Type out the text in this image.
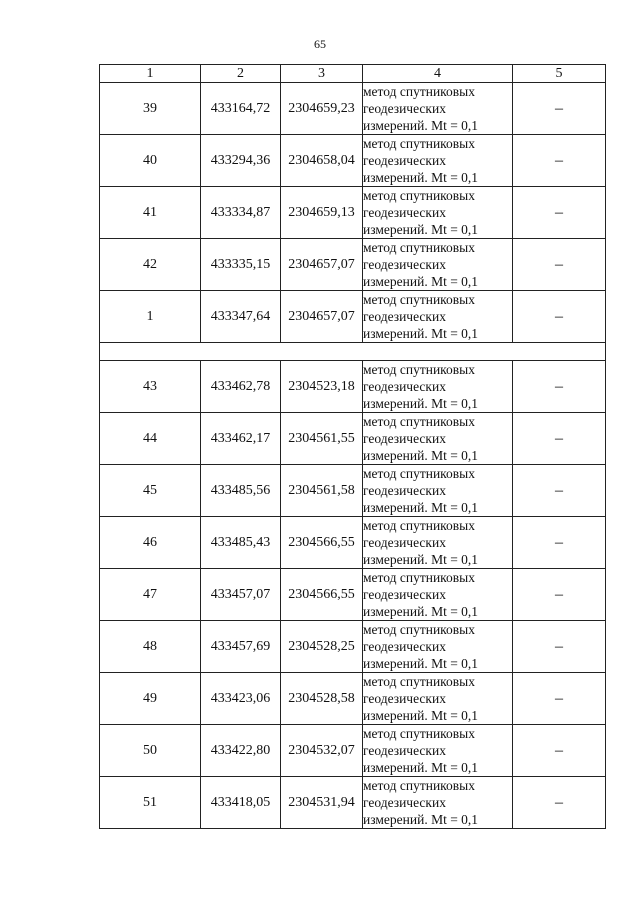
65
1	2	3	4	5
39	433164,72	2304659,23	метод спутниковых
геодезических
измерений. Mt = 0,1	–
40	433294,36	2304658,04	метод спутниковых
геодезических
измерений. Mt = 0,1	–
41	433334,87	2304659,13	метод спутниковых
геодезических
измерений. Mt = 0,1	–
42	433335,15	2304657,07	метод спутниковых
геодезических
измерений. Mt = 0,1	–
1	433347,64	2304657,07	метод спутниковых
геодезических
измерений. Mt = 0,1	–

43	433462,78	2304523,18	метод спутниковых
геодезических
измерений. Mt = 0,1	–
44	433462,17	2304561,55	метод спутниковых
геодезических
измерений. Mt = 0,1	–
45	433485,56	2304561,58	метод спутниковых
геодезических
измерений. Mt = 0,1	–
46	433485,43	2304566,55	метод спутниковых
геодезических
измерений. Mt = 0,1	–
47	433457,07	2304566,55	метод спутниковых
геодезических
измерений. Mt = 0,1	–
48	433457,69	2304528,25	метод спутниковых
геодезических
измерений. Mt = 0,1	–
49	433423,06	2304528,58	метод спутниковых
геодезических
измерений. Mt = 0,1	–
50	433422,80	2304532,07	метод спутниковых
геодезических
измерений. Mt = 0,1	–
51	433418,05	2304531,94	метод спутниковых
геодезических
измерений. Mt = 0,1	–
